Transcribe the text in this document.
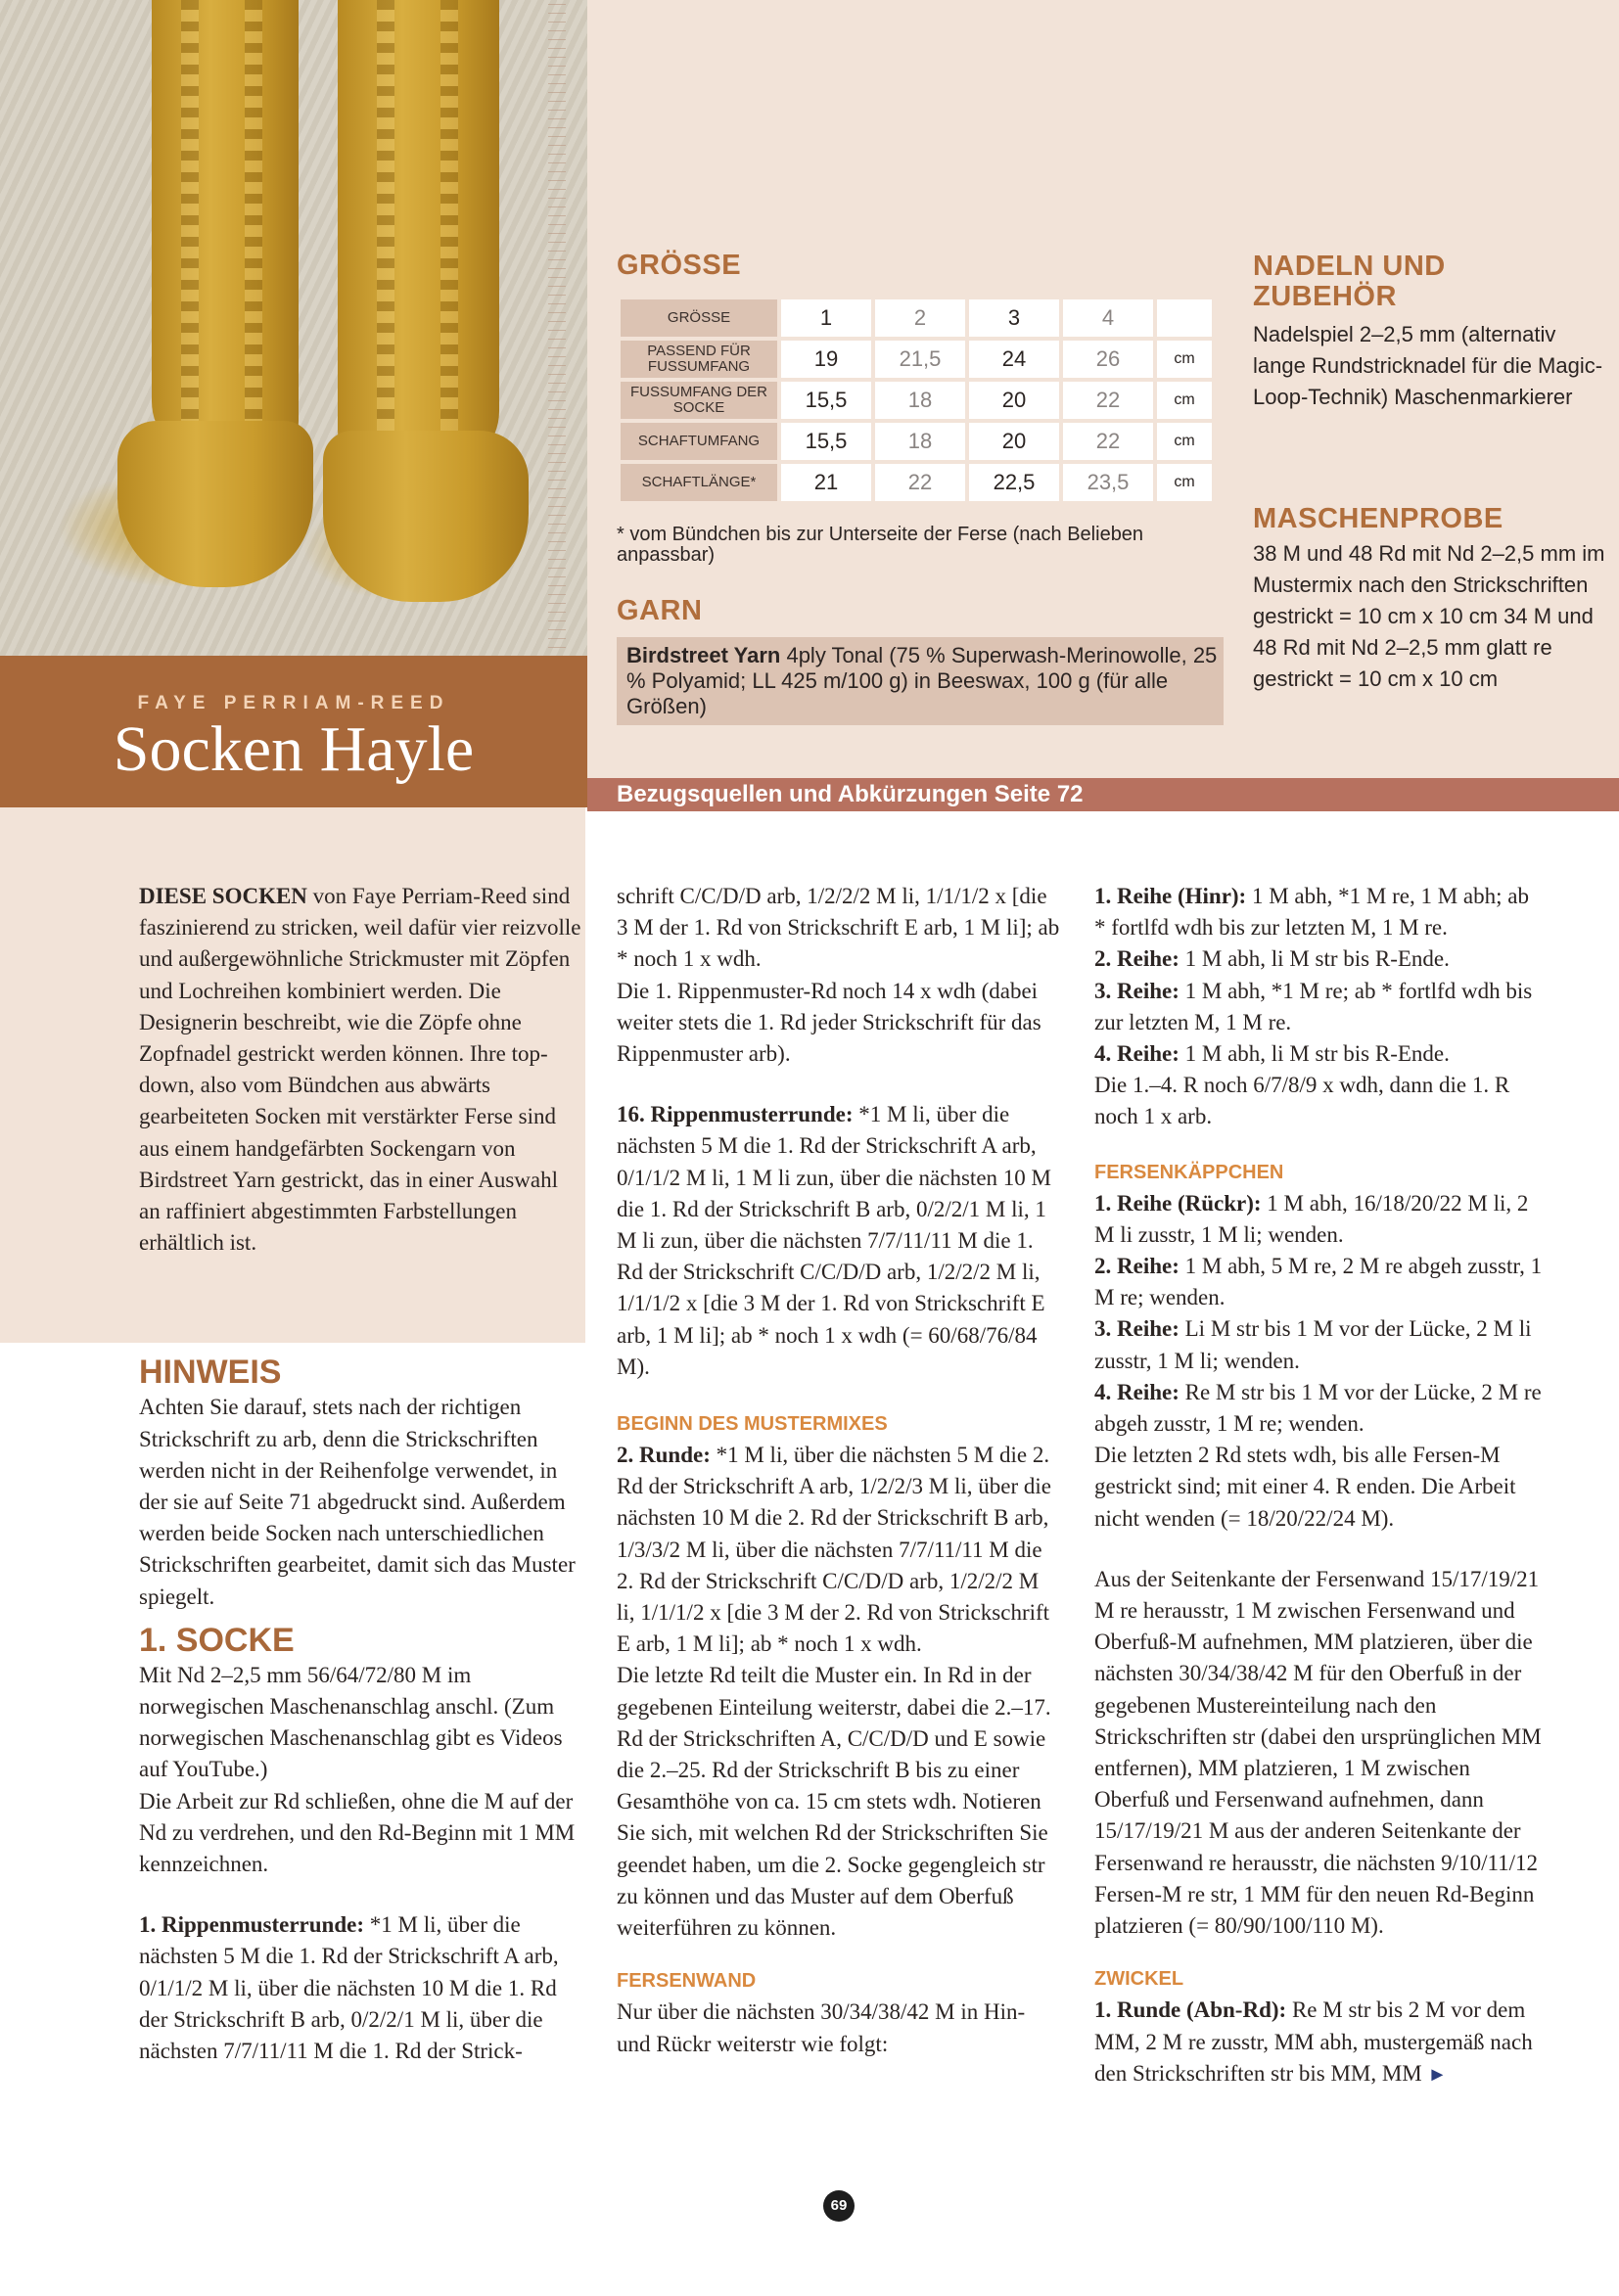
FAYE PERRIAM-REED
Socken Hayle
GRÖSSE
GRÖSSE	1	2	3	4	
PASSEND FÜR FUSSUMFANG	19	21,5	24	26	cm
FUSSUMFANG DER SOCKE	15,5	18	20	22	cm
SCHAFTUMFANG	15,5	18	20	22	cm
SCHAFTLÄNGE*	21	22	22,5	23,5	cm
* vom Bündchen bis zur Unterseite der Ferse (nach Belieben anpassbar)
GARN
Birdstreet Yarn 4ply Tonal (75 % Superwash-Merinowolle, 25 % Polyamid; LL 425 m/100 g) in Beeswax, 100 g (für alle Größen)
NADELN UND ZUBEHÖR
Nadelspiel 2–2,5 mm (alternativ lange Rundstricknadel für die Magic-Loop-Technik) Maschenmarkierer
MASCHENPROBE
38 M und 48 Rd mit Nd 2–2,5 mm im Mustermix nach den Strickschriften gestrickt = 10 cm x 10 cm 34 M und 48 Rd mit Nd 2–2,5 mm glatt re gestrickt = 10 cm x 10 cm
Bezugsquellen und Abkürzungen Seite 72

DIESE SOCKEN von Faye Perriam-Reed sind faszinierend zu stricken, weil dafür vier reizvolle und außergewöhnliche Strickmuster mit Zöpfen und Lochreihen kombiniert werden. Die Designerin beschreibt, wie die Zöpfe ohne Zopfnadel gestrickt werden können. Ihre top-down, also vom Bündchen aus abwärts gearbeiteten Socken mit verstärkter Ferse sind aus einem handgefärbten Sockengarn von Birdstreet Yarn gestrickt, das in einer Auswahl an raffiniert abgestimmten Farbstellungen erhältlich ist.

HINWEIS

Achten Sie darauf, stets nach der richtigen Strickschrift zu arb, denn die Strickschriften werden nicht in der Reihenfolge verwendet, in der sie auf Seite 71 abgedruckt sind. Außerdem werden beide Socken nach unterschiedlichen Strickschriften gearbeitet, damit sich das Muster spiegelt.

1. SOCKE

Mit Nd 2–2,5 mm 56/64/72/80 M im norwegischen Maschenanschlag anschl. (Zum norwegischen Maschenanschlag gibt es Videos auf YouTube.)

Die Arbeit zur Rd schließen, ohne die M auf der Nd zu verdrehen, und den Rd-Beginn mit 1 MM kennzeichnen.

1. Rippenmusterrunde: *1 M li, über die nächsten 5 M die 1. Rd der Strickschrift A arb, 0/1/1/2 M li, über die nächsten 10 M die 1. Rd der Strickschrift B arb, 0/2/2/1 M li, über die nächsten 7/7/11/11 M die 1. Rd der Strick-

schrift C/C/D/D arb, 1/2/2/2 M li, 1/1/1/2 x [die 3 M der 1. Rd von Strickschrift E arb, 1 M li]; ab * noch 1 x wdh.

Die 1. Rippenmuster-Rd noch 14 x wdh (dabei weiter stets die 1. Rd jeder Strickschrift für das Rippenmuster arb).

16. Rippenmusterrunde: *1 M li, über die nächsten 5 M die 1. Rd der Strickschrift A arb, 0/1/1/2 M li, 1 M li zun, über die nächsten 10 M die 1. Rd der Strickschrift B arb, 0/2/2/1 M li, 1 M li zun, über die nächsten 7/7/11/11 M die 1. Rd der Strickschrift C/C/D/D arb, 1/2/2/2 M li, 1/1/1/2 x [die 3 M der 1. Rd von Strickschrift E arb, 1 M li]; ab * noch 1 x wdh (= 60/68/76/84 M).

BEGINN DES MUSTERMIXES

2. Runde: *1 M li, über die nächsten 5 M die 2. Rd der Strickschrift A arb, 1/2/2/3 M li, über die nächsten 10 M die 2. Rd der Strickschrift B arb, 1/3/3/2 M li, über die nächsten 7/7/11/11 M die 2. Rd der Strickschrift C/C/D/D arb, 1/2/2/2 M li, 1/1/1/2 x [die 3 M der 2. Rd von Strickschrift E arb, 1 M li]; ab * noch 1 x wdh.

Die letzte Rd teilt die Muster ein. In Rd in der gegebenen Einteilung weiterstr, dabei die 2.–17. Rd der Strickschriften A, C/C/D/D und E sowie die 2.–25. Rd der Strickschrift B bis zu einer Gesamthöhe von ca. 15 cm stets wdh. Notieren Sie sich, mit welchen Rd der Strickschriften Sie geendet haben, um die 2. Socke gegengleich str zu können und das Muster auf dem Oberfuß weiterführen zu können.

FERSENWAND

Nur über die nächsten 30/34/38/42 M in Hin- und Rückr weiterstr wie folgt:

1. Reihe (Hinr): 1 M abh, *1 M re, 1 M abh; ab * fortlfd wdh bis zur letzten M, 1 M re.

2. Reihe: 1 M abh, li M str bis R-Ende.

3. Reihe: 1 M abh, *1 M re; ab * fortlfd wdh bis zur letzten M, 1 M re.

4. Reihe: 1 M abh, li M str bis R-Ende.

Die 1.–4. R noch 6/7/8/9 x wdh, dann die 1. R noch 1 x arb.

FERSENKÄPPCHEN

1. Reihe (Rückr): 1 M abh, 16/18/20/22 M li, 2 M li zusstr, 1 M li; wenden.

2. Reihe: 1 M abh, 5 M re, 2 M re abgeh zusstr, 1 M re; wenden.

3. Reihe: Li M str bis 1 M vor der Lücke, 2 M li zusstr, 1 M li; wenden.

4. Reihe: Re M str bis 1 M vor der Lücke, 2 M re abgeh zusstr, 1 M re; wenden.

Die letzten 2 Rd stets wdh, bis alle Fersen-M gestrickt sind; mit einer 4. R enden. Die Arbeit nicht wenden (= 18/20/22/24 M).

Aus der Seitenkante der Fersenwand 15/17/19/21 M re herausstr, 1 M zwischen Fersenwand und Oberfuß-M aufnehmen, MM platzieren, über die nächsten 30/34/38/42 M für den Oberfuß in der gegebenen Mustereinteilung nach den Strickschriften str (dabei den ursprünglichen MM entfernen), MM platzieren, 1 M zwischen Oberfuß und Fersenwand aufnehmen, dann 15/17/19/21 M aus der anderen Seitenkante der Fersenwand re herausstr, die nächsten 9/10/11/12 Fersen-M re str, 1 MM für den neuen Rd-Beginn platzieren (= 80/90/100/110 M).

ZWICKEL

1. Runde (Abn-Rd): Re M str bis 2 M vor dem MM, 2 M re zusstr, MM abh, mustergemäß nach den Strickschriften str bis MM, MM ►

69
